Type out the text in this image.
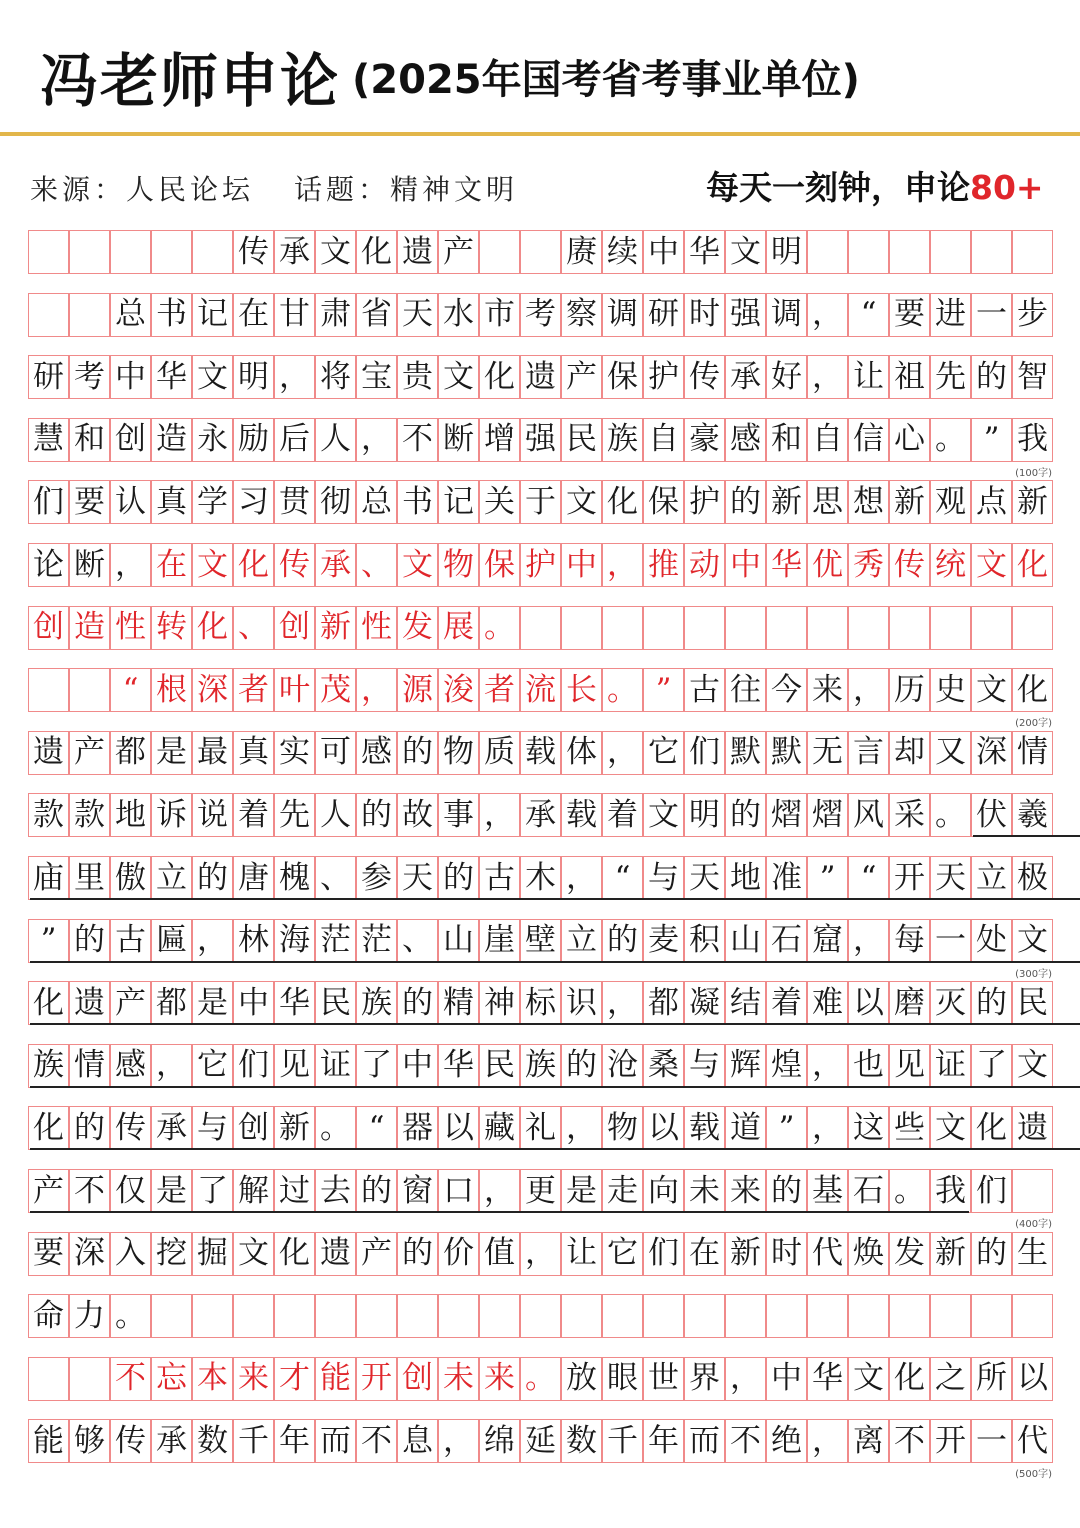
冯老师申论 (2025年国考省考事业单位)
来源：人民论坛 话题：精神文明	每天一刻钟，申论80+
传 承 文 化 遗 产	赓 续 中 华 文 明
总 书 记 在 甘 肃 省 天 水 市 考 察 调 研 时 强 调 ， “ 要 进 一 步
研 考 中 华 文 明 ， 将 宝 贵 文 化 遗 产 保 护 传 承 好 ， 让 祖 先 的 智
慧 和 创 造 永 励 后 人 ， 不 断 增 强 民 族 自 豪 感 和 自 信 心 。 ” 我
(100字)
们 要 认 真 学 习 贯 彻 总 书 记 关 于 文 化 保 护 的 新 思 想 新 观 点 新
论 断 ， 在 文 化 传 承 、 文 物 保 护 中 ， 推 动 中 华 优 秀 传 统 文 化
创 造 性 转 化 、 创 新 性 发 展 。
“ 根 深 者 叶 茂 ， 源 浚 者 流 长 。 ” 古 往 今 来 ， 历 史 文 化
(200字)
遗 产 都 是 最 真 实 可 感 的 物 质 载 体 ， 它 们 默 默 无 言 却 又 深 情
款 款 地 诉 说 着 先 人 的 故 事 ， 承 载 着 文 明 的 熠 熠 风 采 。 伏 羲
庙 里 傲 立 的 唐 槐 、 参 天 的 古 木 ， “ 与 天 地 准 ” “ 开 天 立 极
” 的 古 匾 ， 林 海 茫 茫 、 山 崖 壁 立 的 麦 积 山 石 窟 ， 每 一 处 文
(300字)
化 遗 产 都 是 中 华 民 族 的 精 神 标 识 ， 都 凝 结 着 难 以 磨 灭 的 民
族 情 感 ， 它 们 见 证 了 中 华 民 族 的 沧 桑 与 辉 煌 ， 也 见 证 了 文
化 的 传 承 与 创 新 。 “ 器 以 藏 礼 ， 物 以 载 道 ” ， 这 些 文 化 遗
产 不 仅 是 了 解 过 去 的 窗 口 ， 更 是 走 向 未 来 的 基 石 。 我 们
(400字)
要 深 入 挖 掘 文 化 遗 产 的 价 值 ， 让 它 们 在 新 时 代 焕 发 新 的 生
命 力 。
不 忘 本 来 才 能 开 创 未 来 。 放 眼 世 界 ， 中 华 文 化 之 所 以
能 够 传 承 数 千 年 而 不 息 ， 绵 延 数 千 年 而 不 绝 ， 离 不 开 一 代
(500字)
